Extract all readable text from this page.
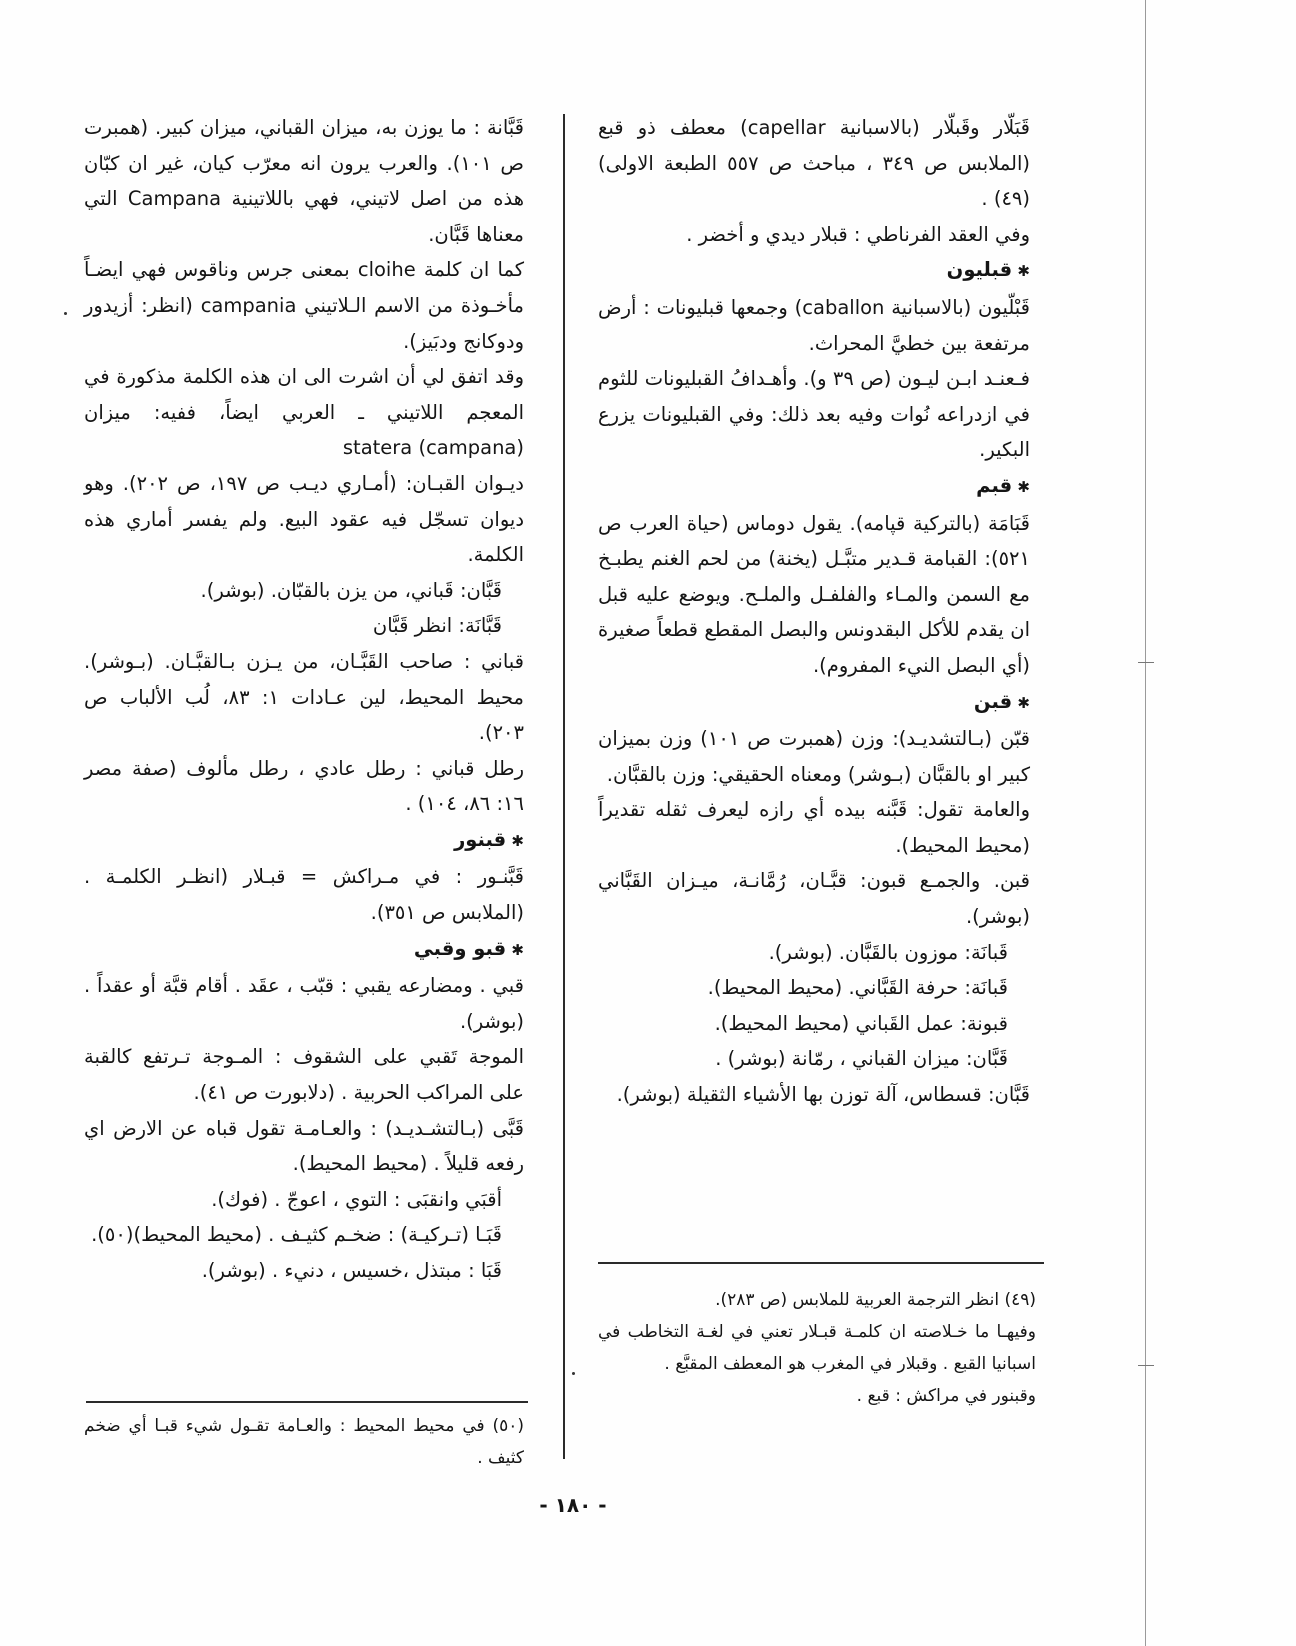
قَبَلّار وقَبلّار (بالاسبانية capellar) معطف ذو قبع (الملابس ص ٣٤٩ ، مباحث ص ٥٥٧ الطبعة الاولى)(٤٩) .

وفي العقد الفرناطي : قبلار ديدي و أخضر .

✱ قبليون

قَبْلّيون (بالاسبانية caballon) وجمعها قبليونات : أرض مرتفعة بين خطيَّ المحراث.

فـعنـد ابـن ليـون (ص ٣٩ و). وأهـدافُ القبليونات للثوم في ازدراعه نُوات وفيه بعد ذلك: وفي القبليونات يزرع البكير.

✱ قبم

قَبَامَة (بالتركية قپامه). يقول دوماس (حياة العرب ص ٥٢١): القبامة قـدير متبَّـل (يخنة) من لحم الغنم يطبـخ مع السمن والمـاء والفلفـل والملـح. ويوضع عليه قبل ان يقدم للأكل البقدونس والبصل المقطع قطعاً صغيرة (أي البصل النيء المفروم).

✱ قبن

قبّن (بـالتشديـد): وزن (همبرت ص ١٠١) وزن بميزان كبير او بالقبَّان (بـوشر) ومعناه الحقيقي: وزن بالقبَّان.

والعامة تقول: قَبَّنه بيده أي رازه ليعرف ثقله تقديراً (محيط المحيط).

قبن. والجمـع قبون: قبَّـان، رُمَّانـة، ميـزان القَبَّاني (بوشر).

قَبانَة: موزون بالقَبَّان. (بوشر).

قَبانَة: حرفة القَبَّاني. (محيط المحيط).

قبونة: عمل القَباني (محيط المحيط).

قَبَّان: ميزان القباني ، رمّانة (بوشر) .

قَبَّان: قسطاس، آلة توزن بها الأشياء الثقيلة (بوشر).

قَبَّانة : ما يوزن به، ميزان القباني، ميزان كبير. (همبرت ص ١٠١). والعرب يرون انه معرّب كيان، غير ان كبّان هذه من اصل لاتيني، فهي باللاتينية Campana التي معناها قَبَّان.

كما ان كلمة cloihe بمعنى جرس وناقوس فهي ايضـاً مأخـوذة من الاسم الـلاتيني campania (انظر: أزيدور ودوكانج ودبَيز).

وقد اتفق لي أن اشرت الى ان هذه الكلمة مذكورة في المعجم اللاتيني ـ العربي ايضاً، ففيه: ميزان (campana) statera

ديـوان القبـان: (أمـاري ديـب ص ١٩٧، ص ٢٠٢). وهو ديوان تسجّل فيه عقود البيع. ولم يفسر أماري هذه الكلمة.

قَبَّان: قَباني، من يزن بالقبّان. (بوشر).

قَبَّانَة: انظر قَبَّان

قباني : صاحب القَبَّـان، من يـزن بـالقبَّـان. (بـوشر). محيط المحيط، لين عـادات ١: ٨٣، لُب الألباب ص ٢٠٣).

رطل قباني : رطل عادي ، رطل مألوف (صفة مصر ١٦: ٨٦، ١٠٤) .

✱ قبنور

قَبَّنـور : في مـراكش = قبـلار (انظـر الكلمـة . (الملابس ص ٣٥١).

✱ قبو وقبي

قبي . ومضارعه يقبي : قبّب ، عقَد . أقام قبَّة أو عقداً . (بوشر).

الموجة تَقبي على الشقوف : المـوجة تـرتفع كالقبة على المراكب الحربية . (دلابورت ص ٤١).

قَبَّى (بـالتشـديـد) : والعـامـة تقول قباه عن الارض اي رفعه قليلاً . (محيط المحيط).

أقبَي وانقبَى : التوي ، اعوجّ . (فوك).

قَبَـا (تـركيـة) : ضخـم كثيـف . (محيط المحيط)(٥٠).

قَبَا : مبتذل ،خسيس ، دنيء . (بوشر).

(٤٩) انظر الترجمة العربية للملابس (ص ٢٨٣).

وفيهـا ما خـلاصته ان كلمـة قبـلار تعني في لغـة التخاطب في اسبانيا القبع . وقبلار في المغرب هو المعطف المقبَّع .

وقبنور في مراكش : قبع .

(٥٠) في محيط المحيط : والعـامة تقـول شيء قبـا أي ضخم كثيف .

- ١٨٠ -
